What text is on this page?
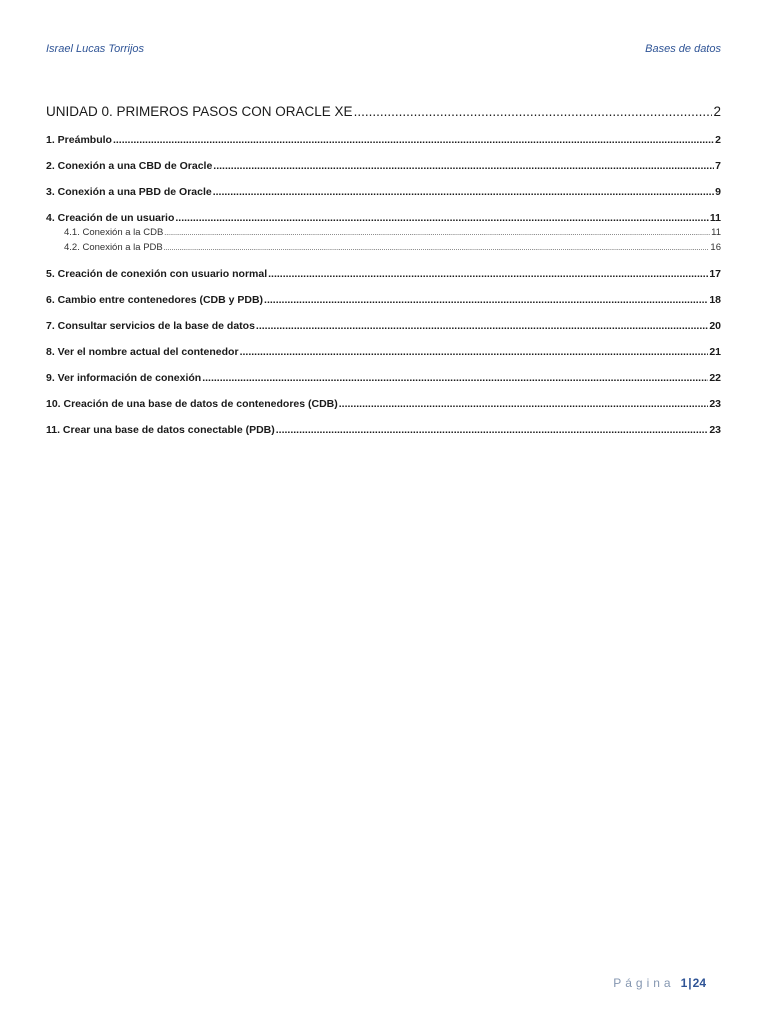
Israel Lucas Torrijos	Bases de datos
UNIDAD 0. PRIMEROS PASOS CON ORACLE XE .....	2
1. Preámbulo .....	2
2. Conexión a una CBD de Oracle .....	7
3. Conexión a una PBD de Oracle .....	9
4. Creación de un usuario .....	11
4.1. Conexión a la CDB .....	11
4.2. Conexión a la PDB .....	16
5. Creación de conexión con usuario normal .....	17
6. Cambio entre contenedores (CDB y PDB) .....	18
7. Consultar servicios de la base de datos .....	20
8. Ver el nombre actual del contenedor .....	21
9. Ver información de conexión .....	22
10. Creación de una base de datos de contenedores (CDB) .....	23
11. Crear una base de datos conectable (PDB) .....	23
Página 1|24
